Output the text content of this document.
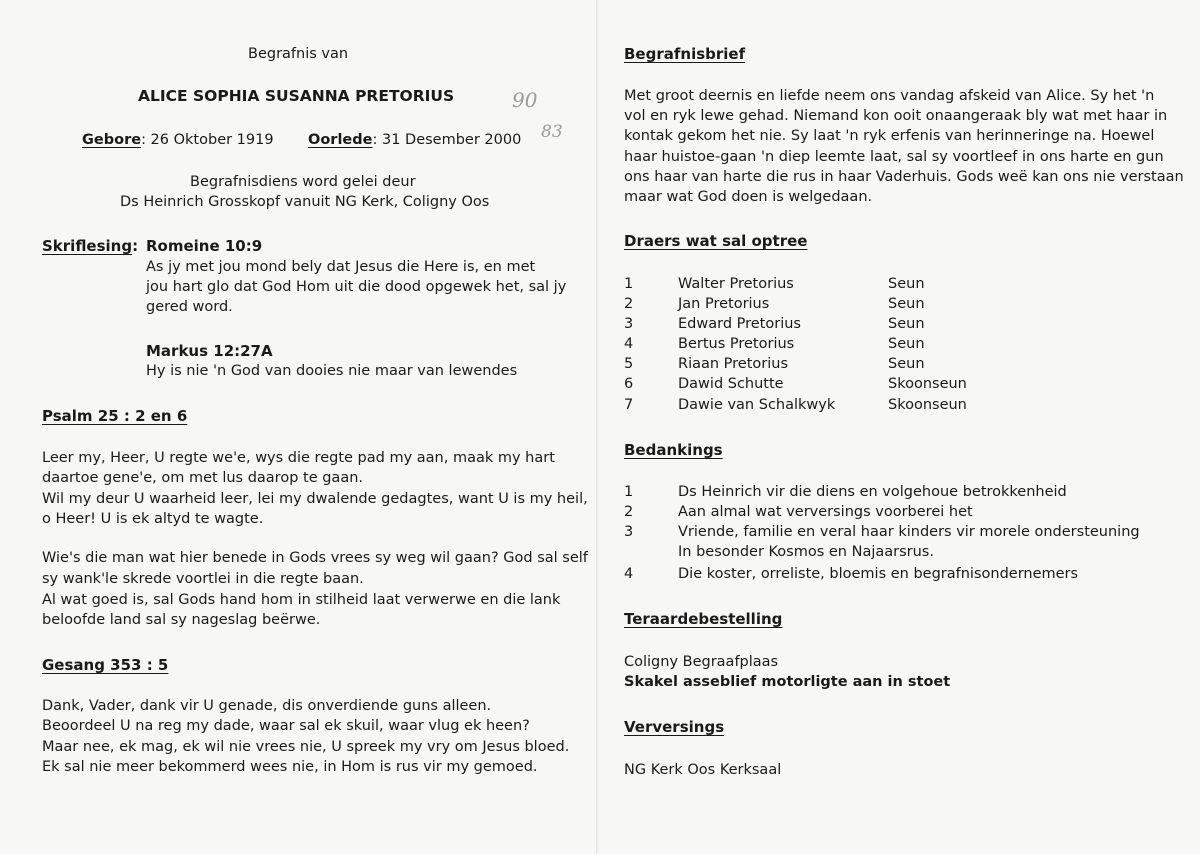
Begrafnis van
ALICE SOPHIA SUSANNA PRETORIUS	90
83
Gebore: 26 Oktober 1919 Oorlede: 31 Desember 2000
Begrafnisdiens word gelei deur
Ds Heinrich Grosskopf vanuit NG Kerk, Coligny Oos
Skriflesing: Romeine 10:9
As jy met jou mond bely dat Jesus die Here is, en met
jou hart glo dat God Hom uit die dood opgewek het, sal jy
gered word.
Markus 12:27A
Hy is nie 'n God van dooies nie maar van lewendes
Psalm 25 : 2 en 6
Leer my, Heer, U regte we'e, wys die regte pad my aan, maak my hart
daartoe gene'e, om met lus daarop te gaan.
Wil my deur U waarheid leer, lei my dwalende gedagtes, want U is my heil,
o Heer! U is ek altyd te wagte.
Wie's die man wat hier benede in Gods vrees sy weg wil gaan? God sal self
sy wank'le skrede voortlei in die regte baan.
Al wat goed is, sal Gods hand hom in stilheid laat verwerwe en die lank
beloofde land sal sy nageslag beërwe.
Gesang 353 : 5
Dank, Vader, dank vir U genade, dis onverdiende guns alleen.
Beoordeel U na reg my dade, waar sal ek skuil, waar vlug ek heen?
Maar nee, ek mag, ek wil nie vrees nie, U spreek my vry om Jesus bloed.
Ek sal nie meer bekommerd wees nie, in Hom is rus vir my gemoed.
Begrafnisbrief
Met groot deernis en liefde neem ons vandag afskeid van Alice. Sy het 'n
vol en ryk lewe gehad. Niemand kon ooit onaangeraak bly wat met haar in
kontak gekom het nie. Sy laat 'n ryk erfenis van herinneringe na. Hoewel
haar huistoe-gaan 'n diep leemte laat, sal sy voortleef in ons harte en gun
ons haar van harte die rus in haar Vaderhuis. Gods weë kan ons nie verstaan
maar wat God doen is welgedaan.
Draers wat sal optree
1	Walter Pretorius	Seun
2	Jan Pretorius	Seun
3	Edward Pretorius	Seun
4	Bertus Pretorius	Seun
5	Riaan Pretorius	Seun
6	Dawid Schutte	Skoonseun
7	Dawie van Schalkwyk	Skoonseun
Bedankings
1	Ds Heinrich vir die diens en volgehoue betrokkenheid
2	Aan almal wat verversings voorberei het
3	Vriende, familie en veral haar kinders vir morele ondersteuning
In besonder Kosmos en Najaarsrus.
4	Die koster, orreliste, bloemis en begrafnisondernemers
Teraardebestelling
Coligny Begraafplaas
Skakel asseblief motorligte aan in stoet
Verversings
NG Kerk Oos Kerksaal
